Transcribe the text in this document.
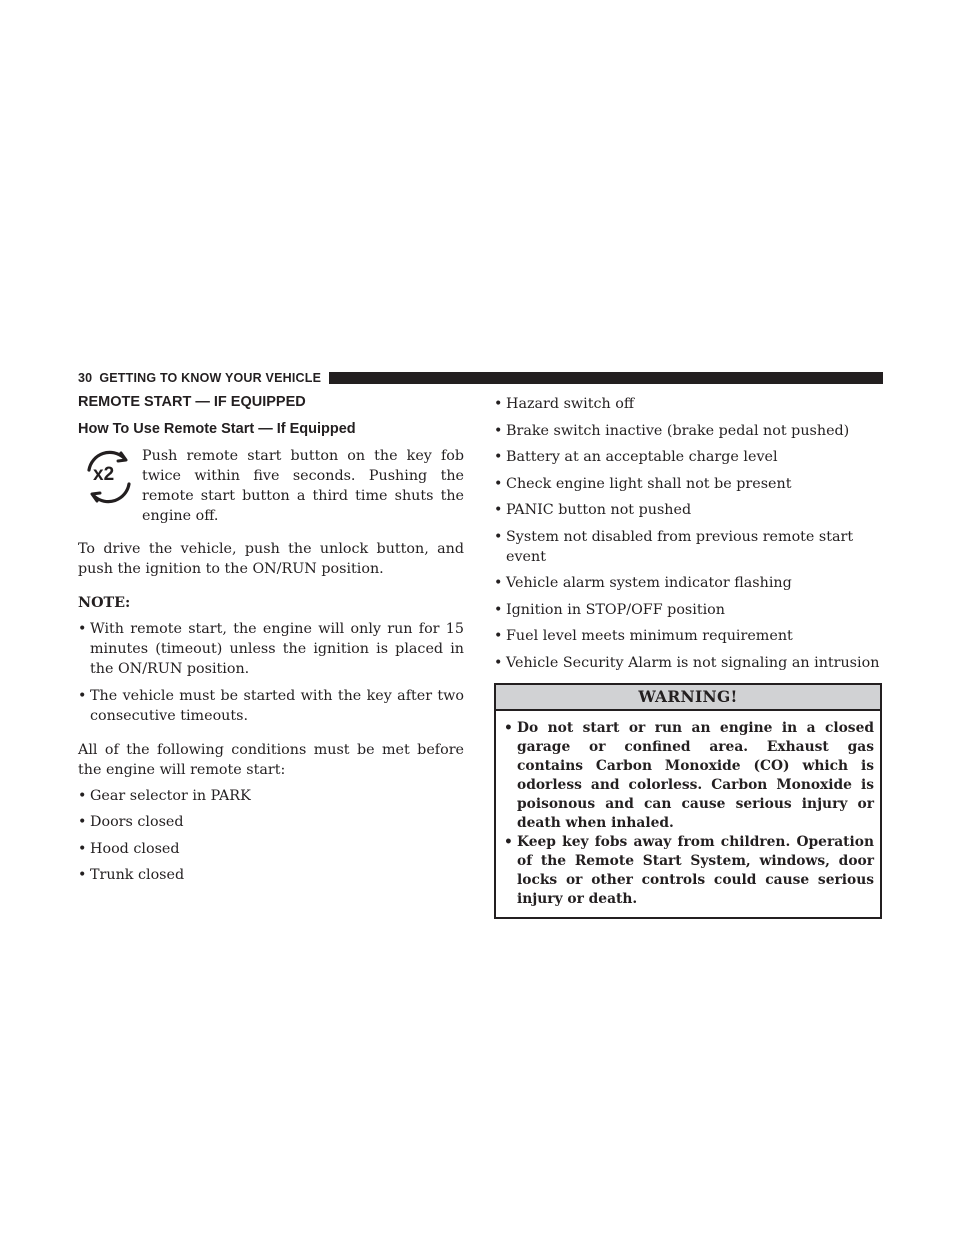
30 GETTING TO KNOW YOUR VEHICLE
REMOTE START — IF EQUIPPED
How To Use Remote Start — If Equipped
x2
Push remote start button on the key fob twice within five seconds. Pushing the remote start button a third time shuts the engine off.

To drive the vehicle, push the unlock button, and push the ignition to the ON/RUN position.

NOTE:
• With remote start, the engine will only run for 15 minutes (timeout) unless the ignition is placed in the ON/RUN position.
• The vehicle must be started with the key after two consecutive timeouts.

All of the following conditions must be met before the engine will remote start:

• Gear selector in PARK
• Doors closed
• Hood closed
• Trunk closed
• Hazard switch off
• Brake switch inactive (brake pedal not pushed)
• Battery at an acceptable charge level
• Check engine light shall not be present
• PANIC button not pushed
• System not disabled from previous remote start event
• Vehicle alarm system indicator flashing
• Ignition in STOP/OFF position
• Fuel level meets minimum requirement
• Vehicle Security Alarm is not signaling an intrusion
WARNING!
• Do not start or run an engine in a closed garage or confined area. Exhaust gas contains Carbon Monoxide (CO) which is odorless and colorless. Carbon Monoxide is poisonous and can cause serious injury or death when inhaled.
• Keep key fobs away from children. Operation of the Remote Start System, windows, door locks or other controls could cause serious injury or death.
